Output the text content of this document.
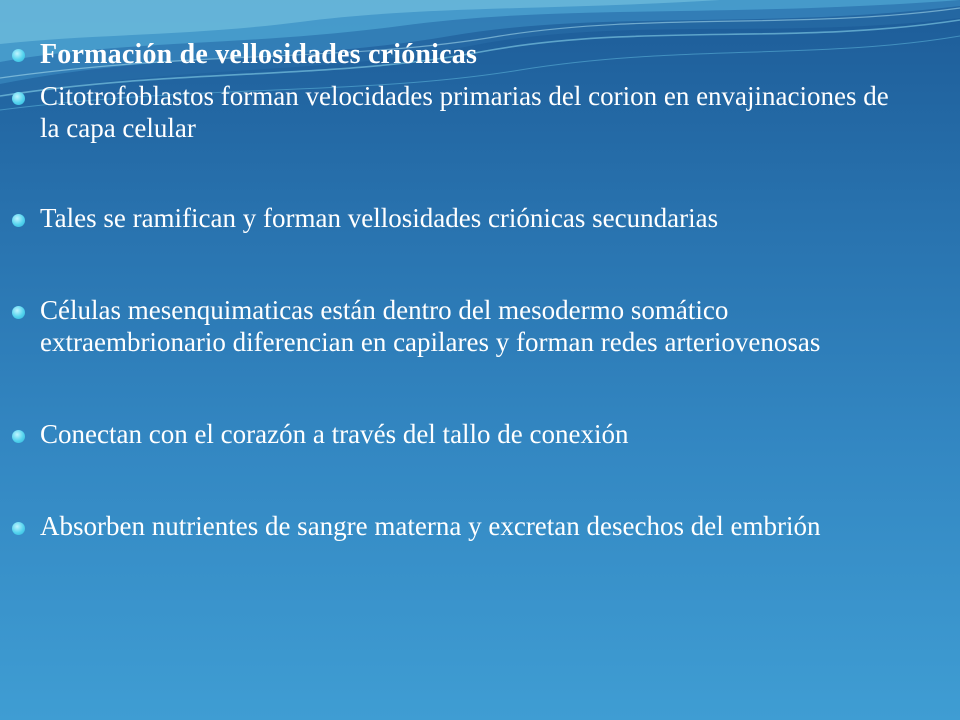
Formación de vellosidades criónicas
Citotrofoblastos forman velocidades primarias del corion en envajinaciones de la capa celular
Tales se ramifican y forman vellosidades criónicas secundarias
Células mesenquimaticas están dentro del mesodermo somático extraembrionario diferencian en capilares y forman redes arteriovenosas
Conectan con el corazón a través del tallo de conexión
Absorben nutrientes de sangre materna y excretan desechos del embrión
